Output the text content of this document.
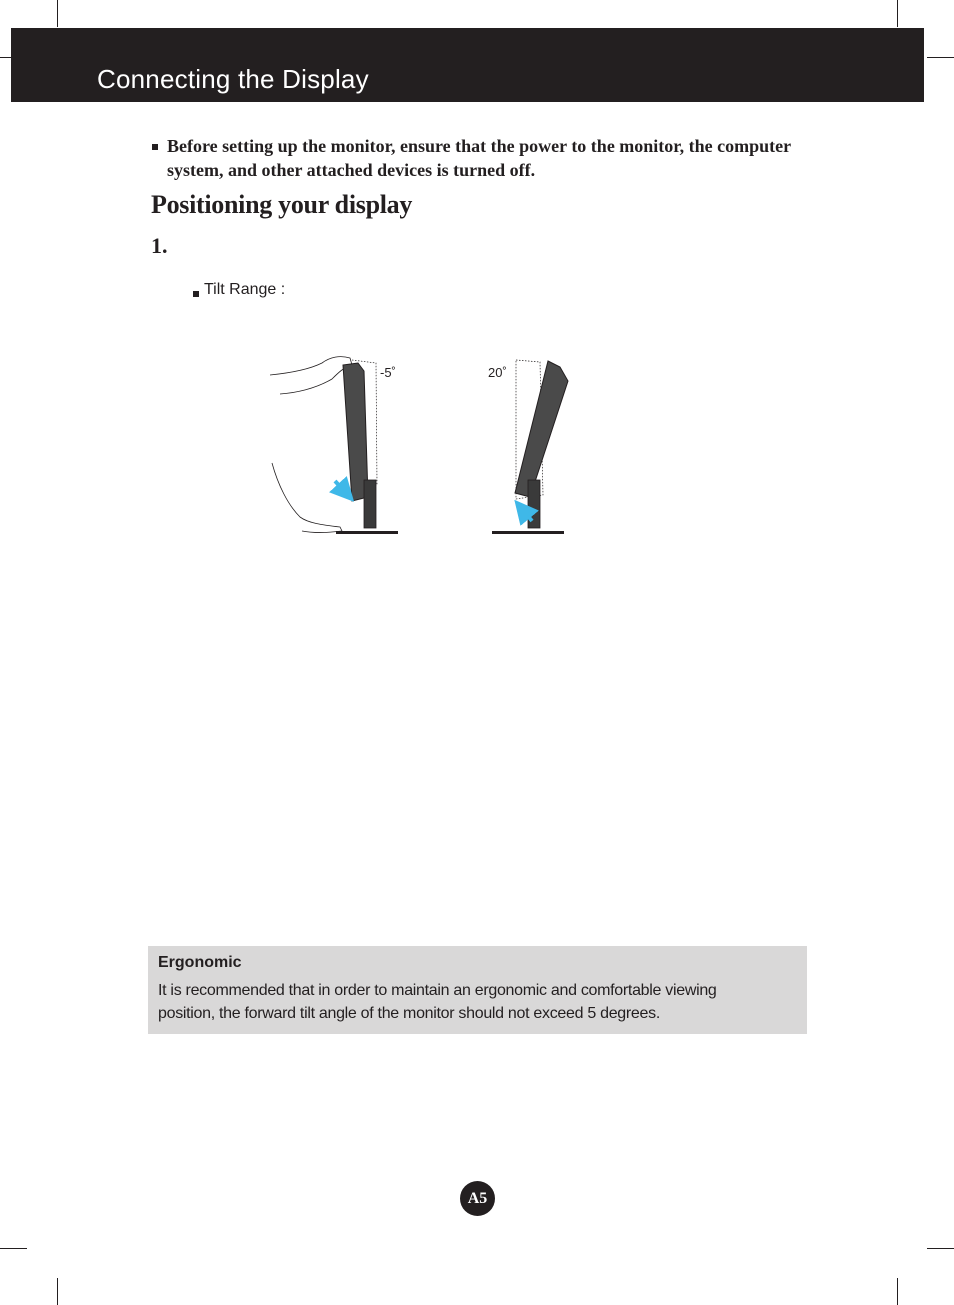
Connecting the Display
Before setting up the monitor, ensure that the power to the monitor, the computer system, and other attached devices is turned off.
Positioning your display
1.
Tilt Range :
-5˚	20˚
Ergonomic
It is recommended that in order to maintain an ergonomic and comfortable viewing position, the forward tilt angle of the monitor should not exceed 5 degrees.
A5
